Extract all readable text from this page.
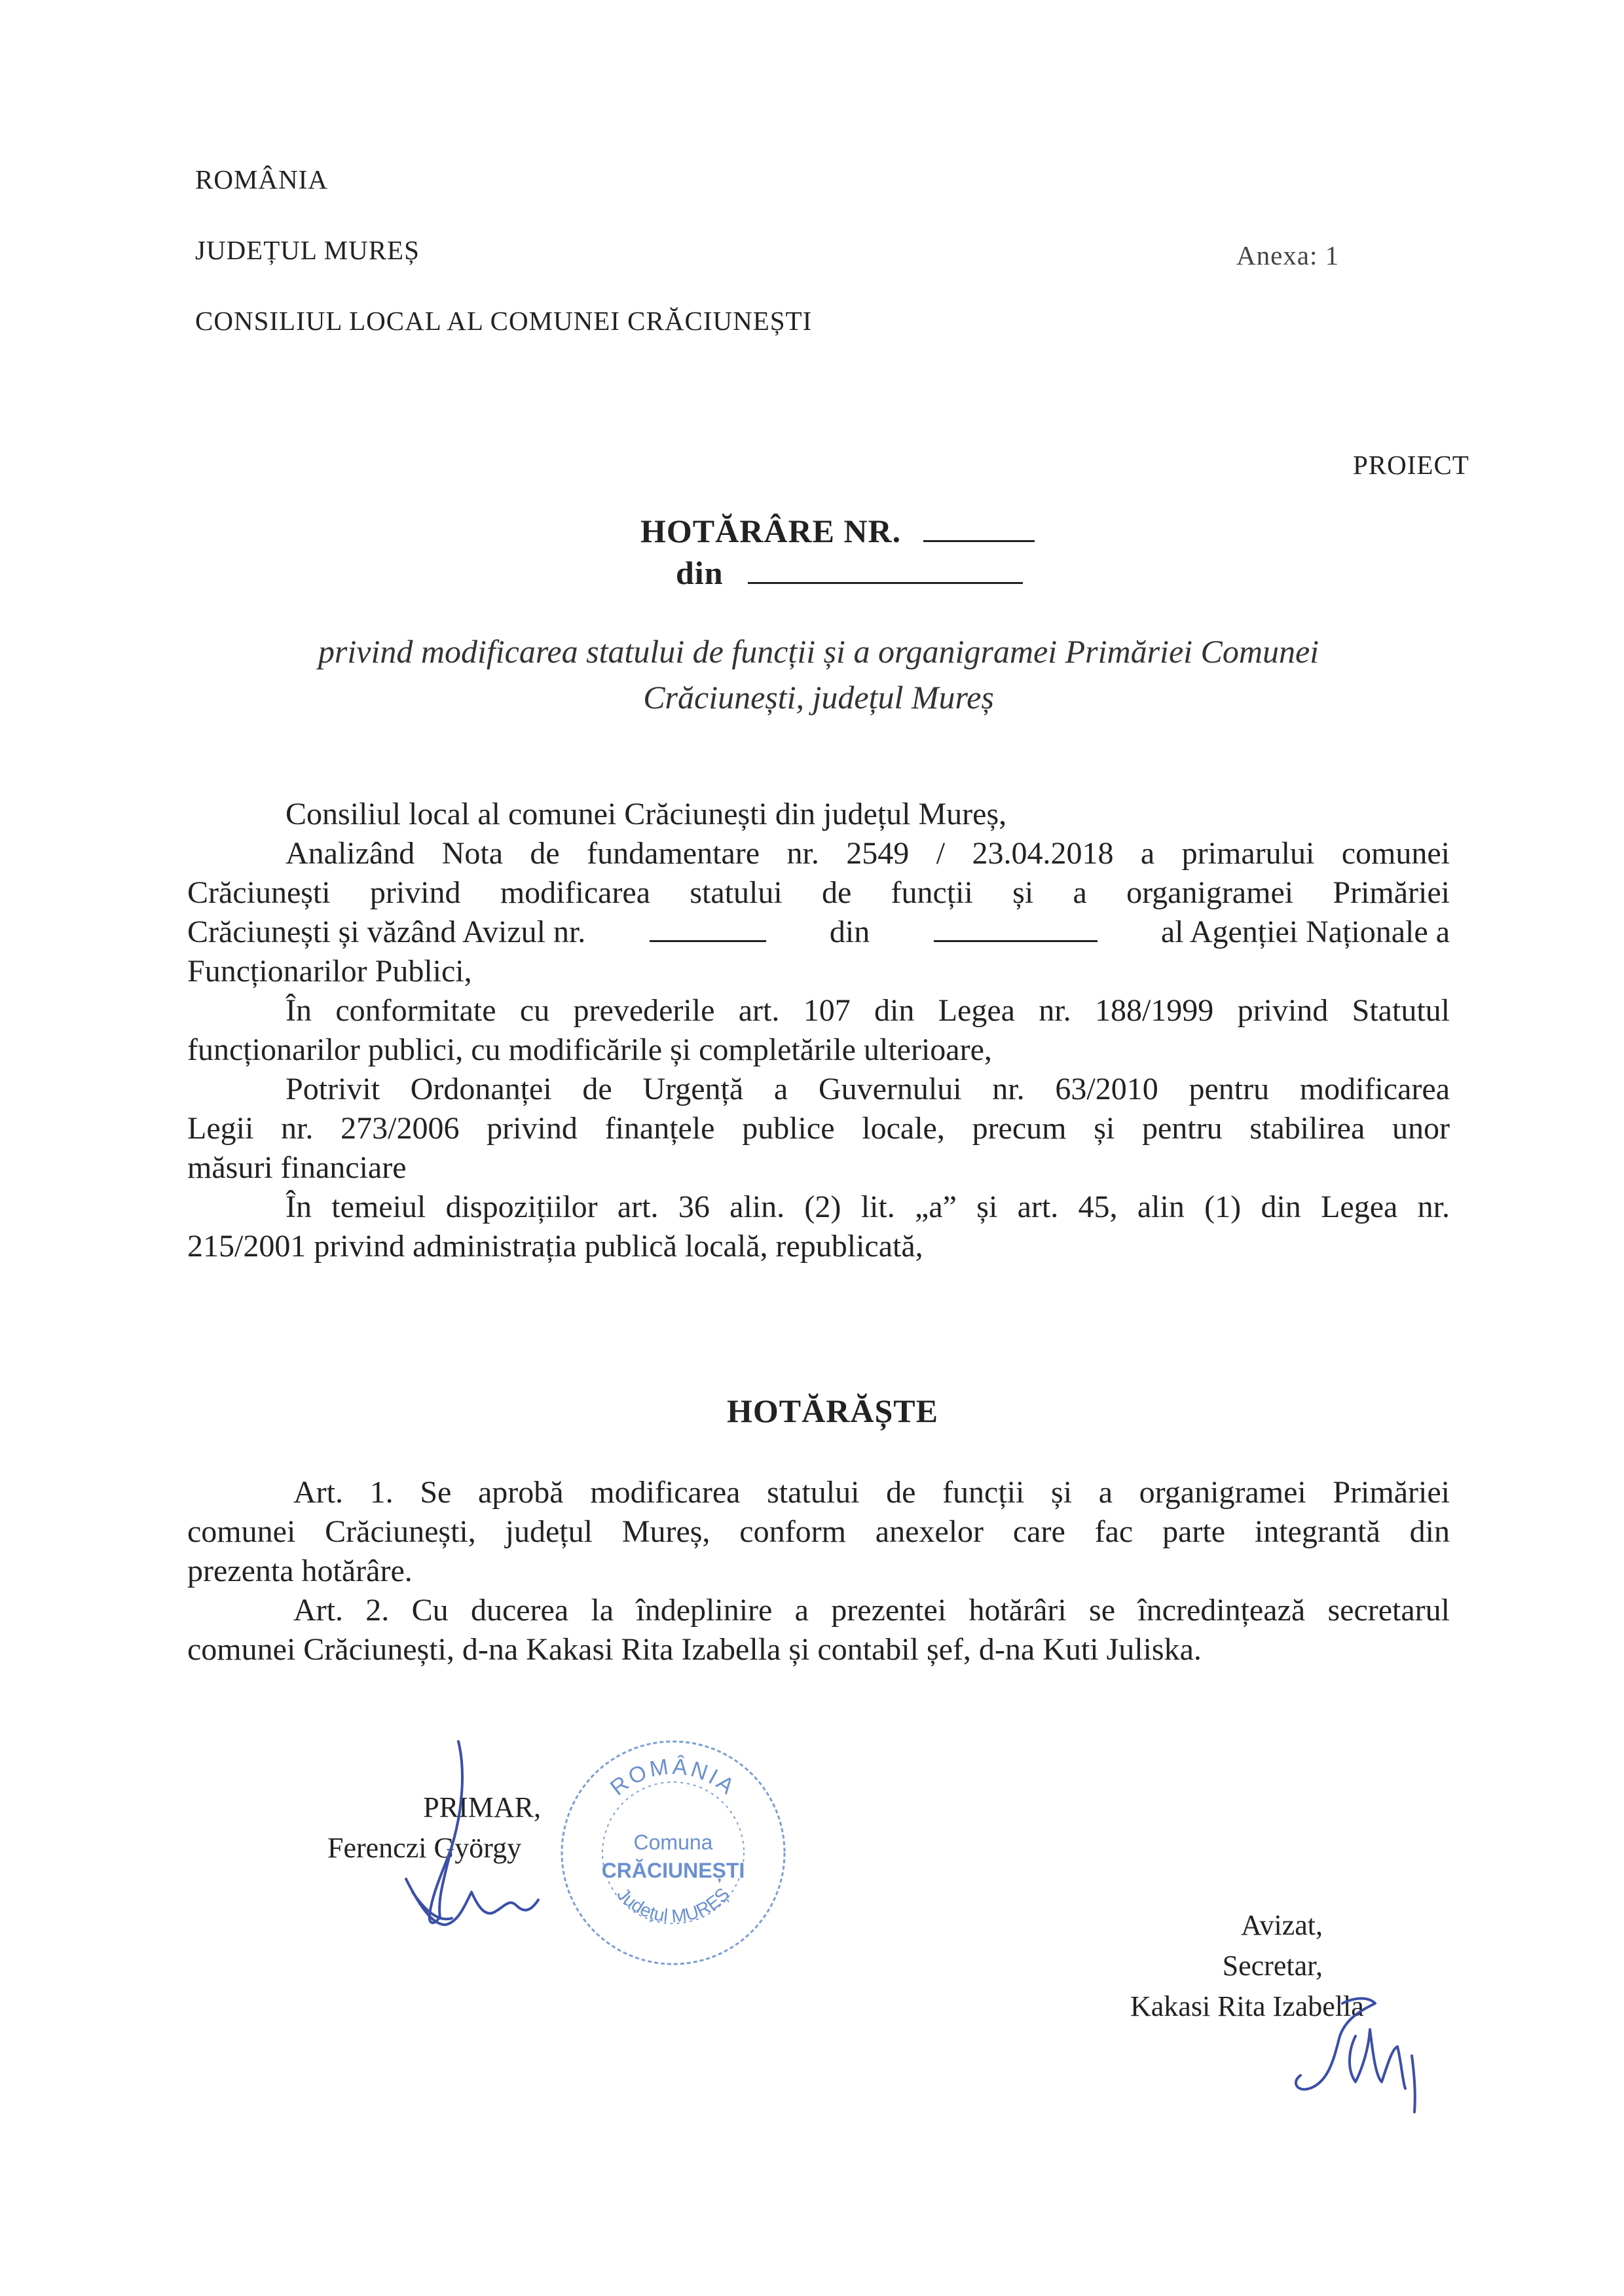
ROMÂNIA
JUDEȚUL MUREȘ	Anexa: 1
CONSILIUL LOCAL AL COMUNEI CRĂCIUNEȘTI
PROIECT
HOTĂRÂRE NR.
din
privind modificarea statului de funcții și a organigramei Primăriei Comunei
Crăciunești, județul Mureș
Consiliul local al comunei Crăciunești din județul Mureș,
Analizând Nota de fundamentare nr. 2549 / 23.04.2018 a primarului comunei
Crăciunești privind modificarea statului de funcții și a organigramei Primăriei
Crăciunești și văzând Avizul nr.	din	al Agenției Naționale a
Funcționarilor Publici,
În conformitate cu prevederile art. 107 din Legea nr. 188/1999 privind Statutul
funcționarilor publici, cu modificările și completările ulterioare,
Potrivit Ordonanței de Urgență a Guvernului nr. 63/2010 pentru modificarea
Legii nr. 273/2006 privind finanțele publice locale, precum și pentru stabilirea unor
măsuri financiare
În temeiul dispozițiilor art. 36 alin. (2) lit. „a” și art. 45, alin (1) din Legea nr.
215/2001 privind administrația publică locală, republicată,
HOTĂRĂȘTE
Art. 1. Se aprobă modificarea statului de funcții și a organigramei Primăriei
comunei Crăciunești, județul Mureș, conform anexelor care fac parte integrantă din
prezenta hotărâre.
Art. 2. Cu ducerea la îndeplinire a prezentei hotărâri se încredințează secretarul
comunei Crăciunești, d-na Kakasi Rita Izabella și contabil șef, d-na Kuti Juliska.
PRIMAR,
Ferenczi György
ROMÂNIA
Comuna
CRĂCIUNEȘTI
Județul MUREȘ
Avizat,
Secretar,
Kakasi Rita Izabella
